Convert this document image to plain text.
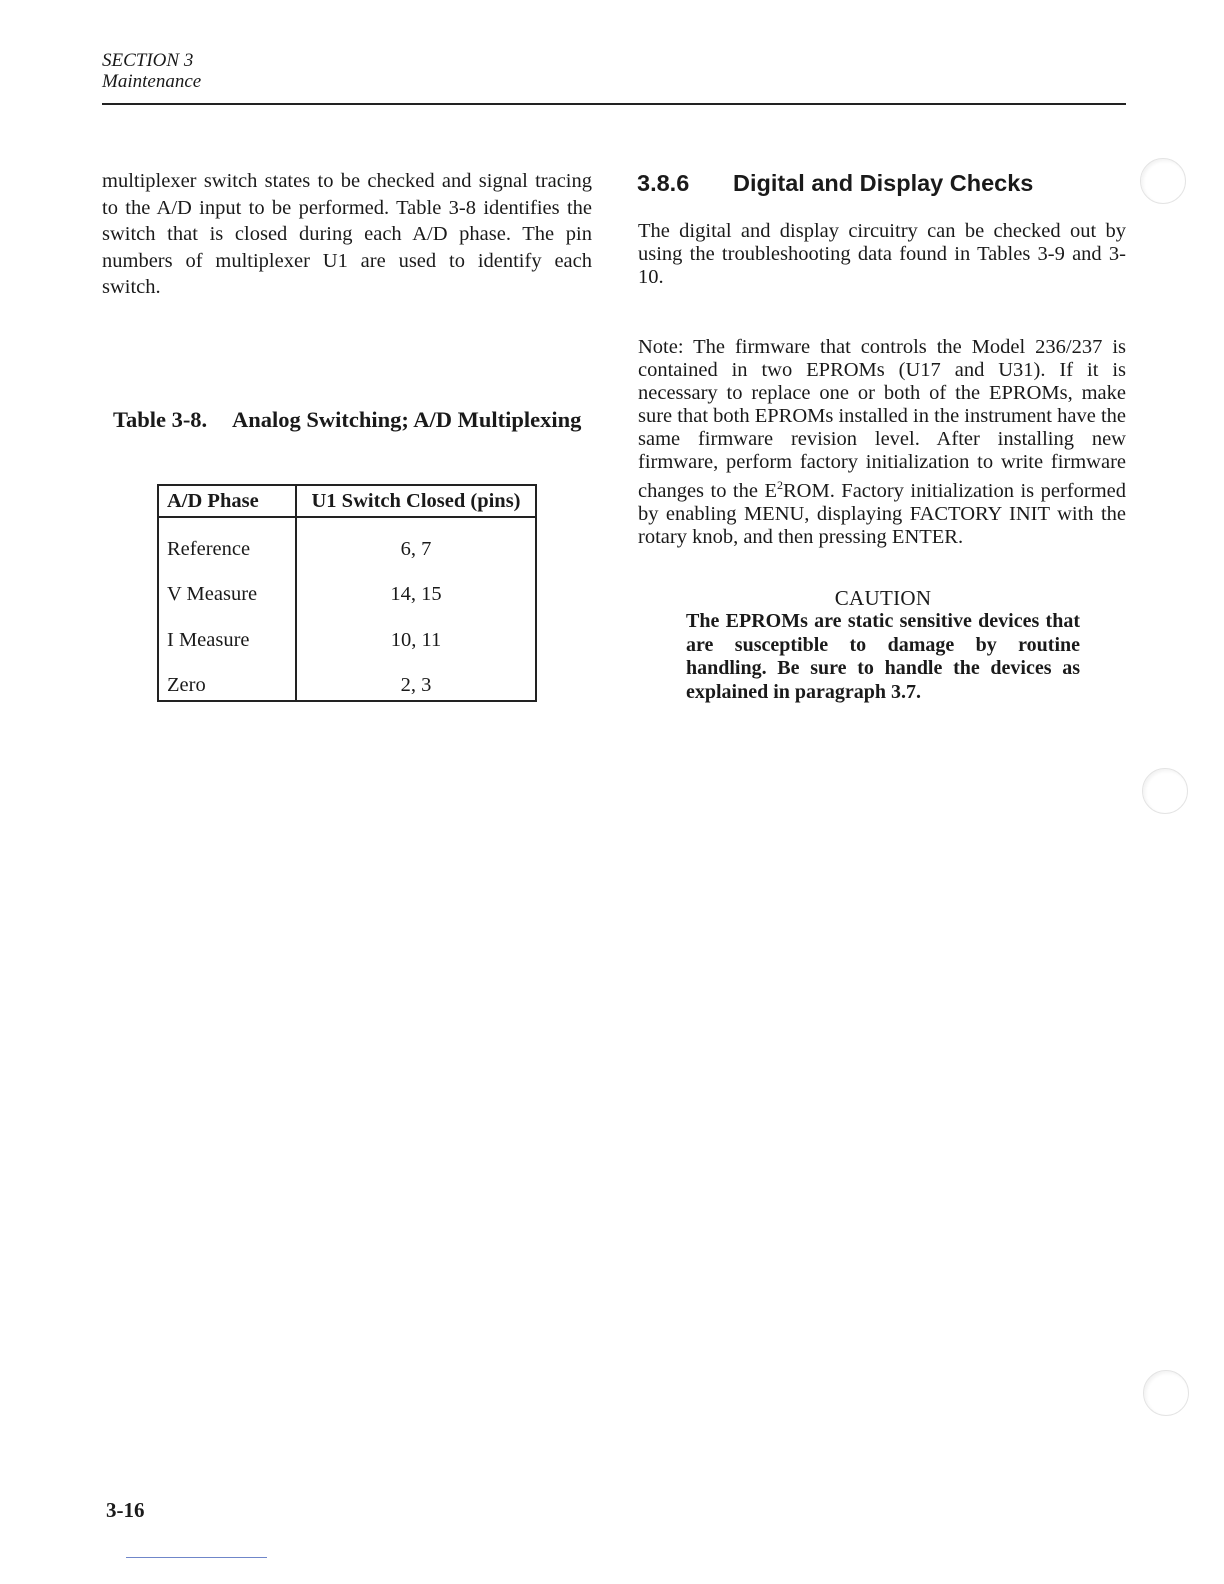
SECTION 3
Maintenance

multiplexer switch states to be checked and signal tracing to the A/D input to be performed. Table 3-8 identifies the switch that is closed during each A/D phase. The pin numbers of multiplexer U1 are used to identify each switch.

Table 3-8. Analog Switching; A/D Multiplexing
A/D Phase	U1 Switch Closed (pins)
Reference	6, 7
V Measure	14, 15
I Measure	10, 11
Zero	2, 3
3.8.6 Digital and Display Checks

The digital and display circuitry can be checked out by using the troubleshooting data found in Tables 3-9 and 3-10.

Note: The firmware that controls the Model 236/237 is contained in two EPROMs (U17 and U31). If it is necessary to replace one or both of the EPROMs, make sure that both EPROMs installed in the instrument have the same firmware revision level. After installing new firmware, perform factory initialization to write firmware changes to the $E^2ROM$. Factory initialization is performed by enabling MENU, displaying FACTORY INIT with the rotary knob, and then pressing ENTER.

CAUTION

The EPROMs are static sensitive devices that are susceptible to damage by routine handling. Be sure to handle the devices as explained in paragraph 3.7.

3-16
